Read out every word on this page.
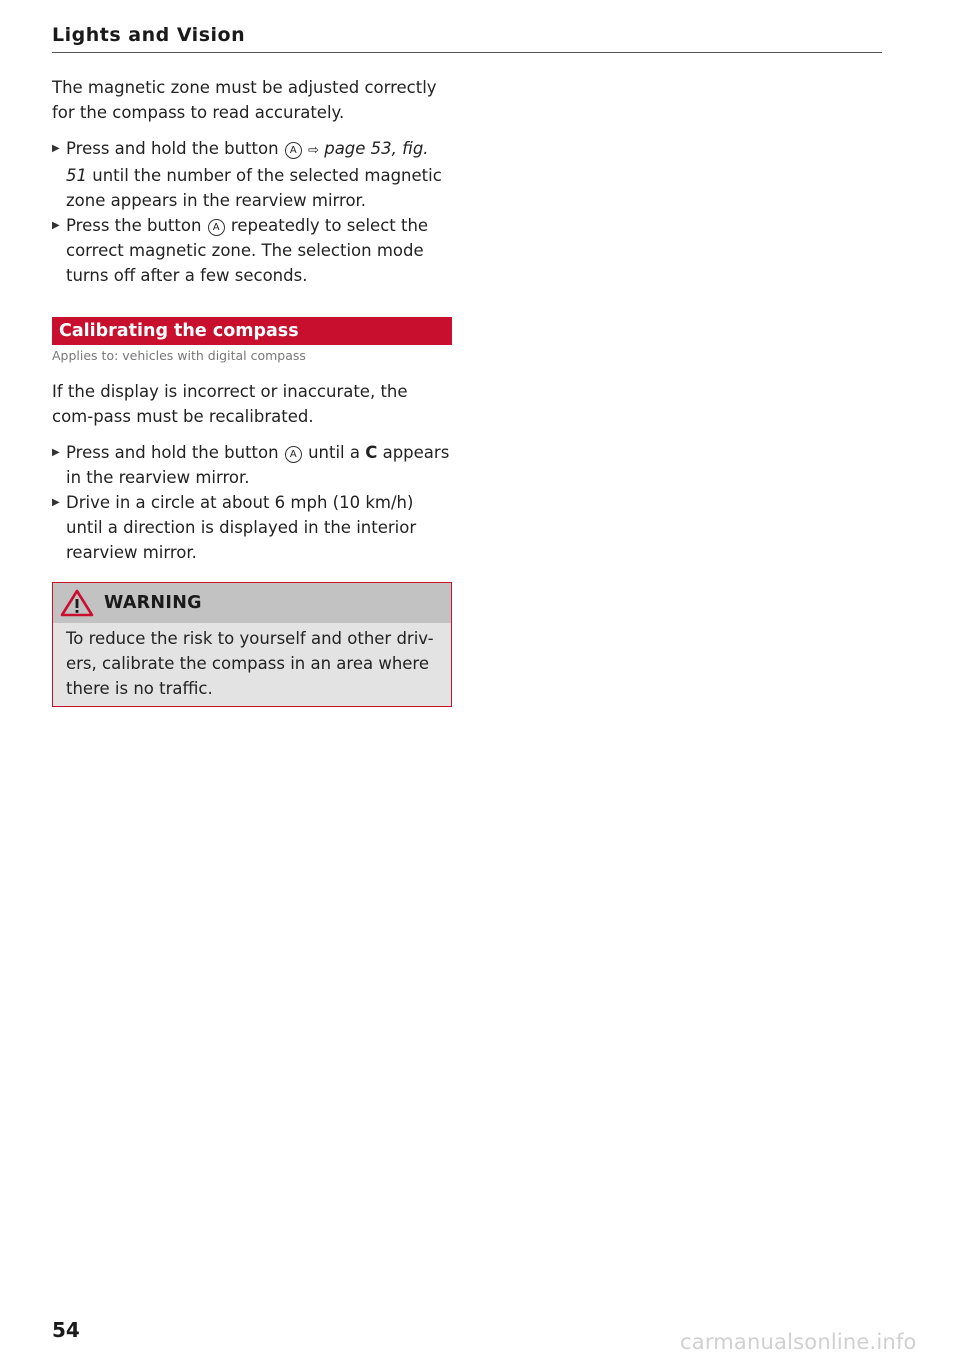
Lights and Vision

The magnetic zone must be adjusted correctly for the compass to read accurately.

▶ Press and hold the button A ⇨ page 53, fig. 51 until the number of the selected magnetic zone appears in the rearview mirror.
▶ Press the button A repeatedly to select the correct magnetic zone. The selection mode turns off after a few seconds.
Calibrating the compass
Applies to: vehicles with digital compass

If the display is incorrect or inaccurate, the com-pass must be recalibrated.

▶ Press and hold the button A until a C appears in the rearview mirror.
▶ Drive in a circle at about 6 mph (10 km/h) until a direction is displayed in the interior rearview mirror.
WARNING

To reduce the risk to yourself and other driv-ers, calibrate the compass in an area where there is no traffic.

54	carmanualsonline.info
